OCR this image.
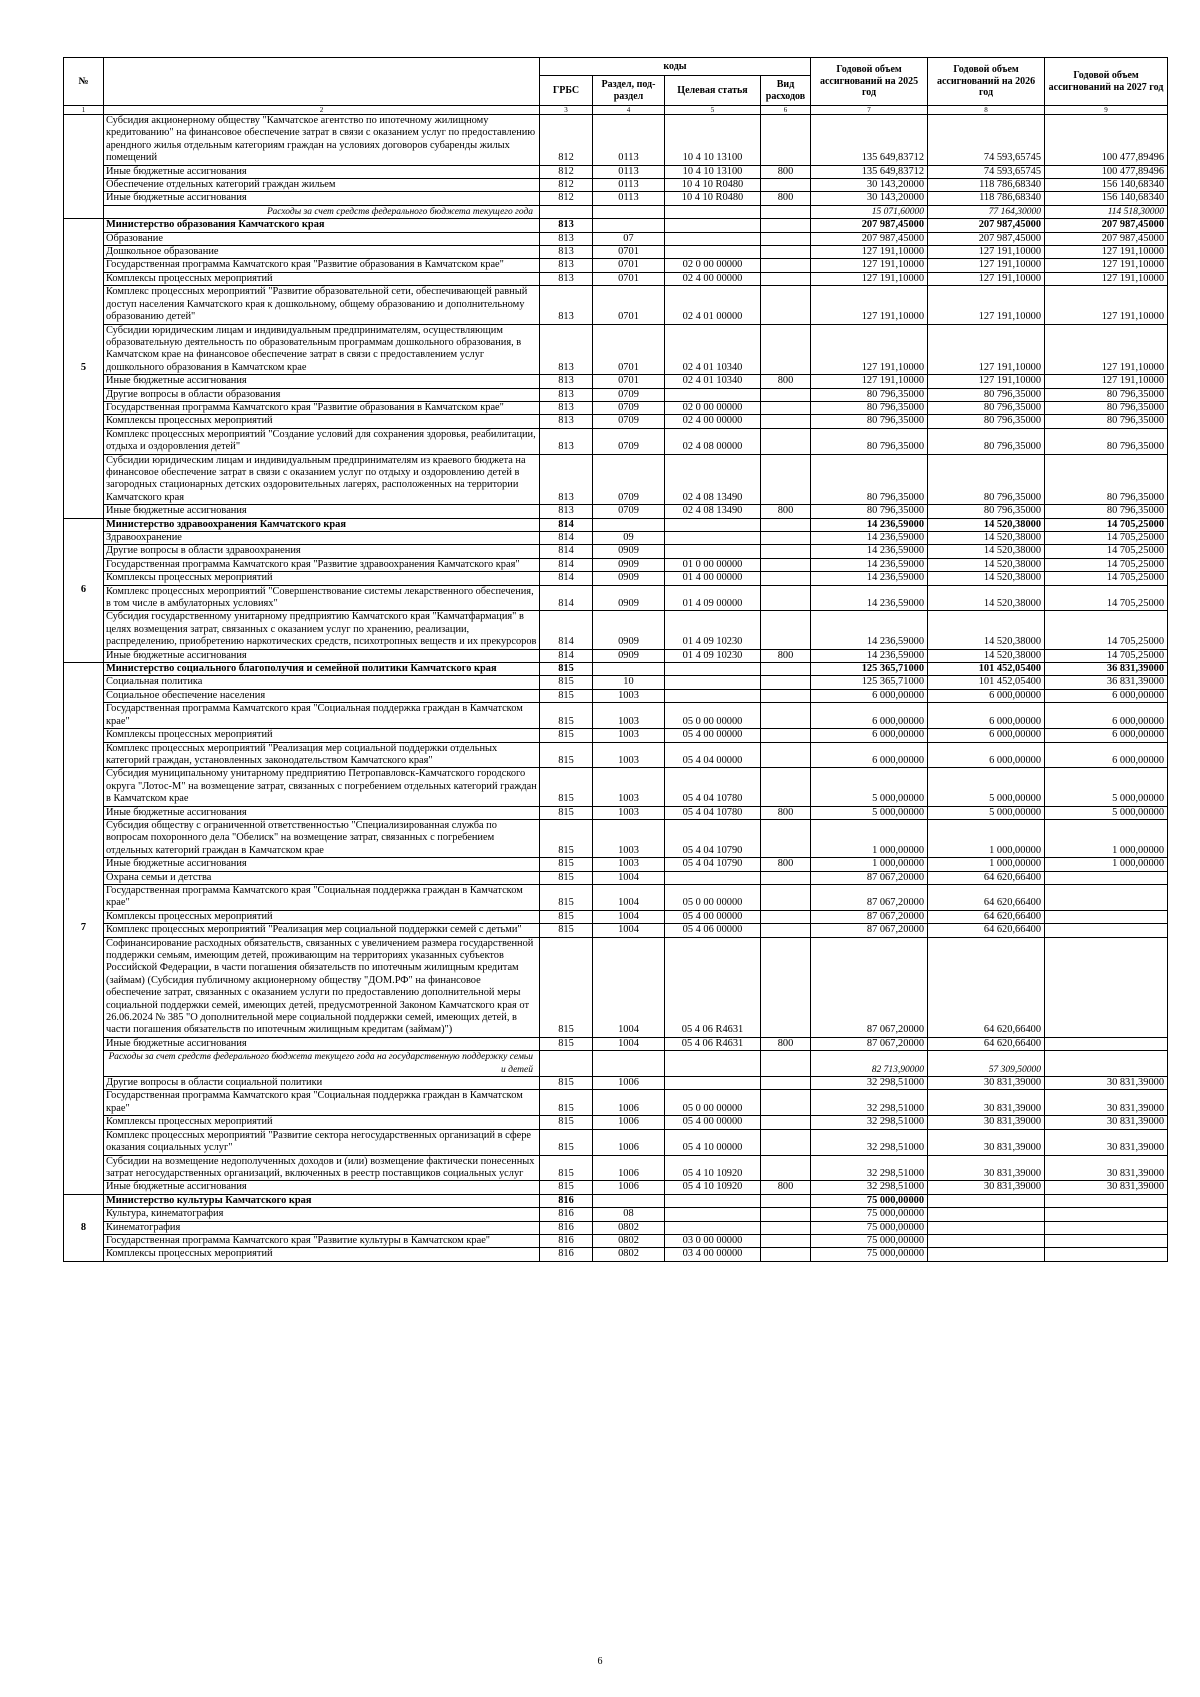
№		коды				Годовой объем ассигнований на 2025 год	Годовой объем ассигнований на 2026 год	Годовой объем ассигнований на 2027 год
		ГРБС	Раздел, под-раздел	Целевая статья	Вид расходов			
1	2	3	4	5	6	7	8	9
	Субсидия акционерному обществу "Камчатское агентство по ипотечному жилищному кредитованию" на финансовое обеспечение затрат в связи с оказанием услуг по предоставлению арендного жилья отдельным категориям граждан на условиях договоров субаренды жилых помещений	812	0113	10 4 10 13100		135 649,83712	74 593,65745	100 477,89496
	Иные бюджетные ассигнования	812	0113	10 4 10 13100	800	135 649,83712	74 593,65745	100 477,89496
	Обеспечение отдельных категорий граждан жильем	812	0113	10 4 10 R0480		30 143,20000	118 786,68340	156 140,68340
	Иные бюджетные ассигнования	812	0113	10 4 10 R0480	800	30 143,20000	118 786,68340	156 140,68340
	Расходы за счет средств федерального бюджета текущего года					15 071,60000	77 164,30000	114 518,30000
5	Министерство образования Камчатского края	813				207 987,45000	207 987,45000	207 987,45000
	Образование	813	07			207 987,45000	207 987,45000	207 987,45000
	Дошкольное образование	813	0701			127 191,10000	127 191,10000	127 191,10000
	Государственная программа Камчатского края "Развитие образования в Камчатском крае"	813	0701	02 0 00 00000		127 191,10000	127 191,10000	127 191,10000
	Комплексы процессных мероприятий	813	0701	02 4 00 00000		127 191,10000	127 191,10000	127 191,10000
	Комплекс процессных мероприятий "Развитие образовательной сети, обеспечивающей равный доступ населения Камчатского края к дошкольному, общему образованию и дополнительному образованию детей"	813	0701	02 4 01 00000		127 191,10000	127 191,10000	127 191,10000
	Субсидии юридическим лицам и индивидуальным предпринимателям, осуществляющим образовательную деятельность по образовательным программам дошкольного образования, в Камчатском крае на финансовое обеспечение затрат в связи с предоставлением услуг дошкольного образования в Камчатском крае	813	0701	02 4 01 10340		127 191,10000	127 191,10000	127 191,10000
	Иные бюджетные ассигнования	813	0701	02 4 01 10340	800	127 191,10000	127 191,10000	127 191,10000
	Другие вопросы в области образования	813	0709			80 796,35000	80 796,35000	80 796,35000
	Государственная программа Камчатского края "Развитие образования в Камчатском крае"	813	0709	02 0 00 00000		80 796,35000	80 796,35000	80 796,35000
	Комплексы процессных мероприятий	813	0709	02 4 00 00000		80 796,35000	80 796,35000	80 796,35000
	Комплекс процессных мероприятий "Создание условий для сохранения здоровья, реабилитации, отдыха и оздоровления детей"	813	0709	02 4 08 00000		80 796,35000	80 796,35000	80 796,35000
	Субсидии юридическим лицам и индивидуальным предпринимателям из краевого бюджета на финансовое обеспечение затрат в связи с оказанием услуг по отдыху и оздоровлению детей в загородных стационарных детских оздоровительных лагерях, расположенных на территории Камчатского края	813	0709	02 4 08 13490		80 796,35000	80 796,35000	80 796,35000
	Иные бюджетные ассигнования	813	0709	02 4 08 13490	800	80 796,35000	80 796,35000	80 796,35000
6	Министерство здравоохранения Камчатского края	814				14 236,59000	14 520,38000	14 705,25000
	Здравоохранение	814	09			14 236,59000	14 520,38000	14 705,25000
	Другие вопросы в области здравоохранения	814	0909			14 236,59000	14 520,38000	14 705,25000
	Государственная программа Камчатского края "Развитие здравоохранения Камчатского края"	814	0909	01 0 00 00000		14 236,59000	14 520,38000	14 705,25000
	Комплексы процессных мероприятий	814	0909	01 4 00 00000		14 236,59000	14 520,38000	14 705,25000
	Комплекс процессных мероприятий "Совершенствование системы лекарственного обеспечения, в том числе в амбулаторных условиях"	814	0909	01 4 09 00000		14 236,59000	14 520,38000	14 705,25000
	Субсидия государственному унитарному предприятию Камчатского края "Камчатфармация" в целях возмещения затрат, связанных с оказанием услуг по хранению, реализации, распределению, приобретению наркотических средств, психотропных веществ и их прекурсоров	814	0909	01 4 09 10230		14 236,59000	14 520,38000	14 705,25000
	Иные бюджетные ассигнования	814	0909	01 4 09 10230	800	14 236,59000	14 520,38000	14 705,25000
7	Министерство социального благополучия и семейной политики Камчатского края	815				125 365,71000	101 452,05400	36 831,39000
	Социальная политика	815	10			125 365,71000	101 452,05400	36 831,39000
	Социальное обеспечение населения	815	1003			6 000,00000	6 000,00000	6 000,00000
	Государственная программа Камчатского края "Социальная поддержка граждан в Камчатском крае"	815	1003	05 0 00 00000		6 000,00000	6 000,00000	6 000,00000
	Комплексы процессных мероприятий	815	1003	05 4 00 00000		6 000,00000	6 000,00000	6 000,00000
	Комплекс процессных мероприятий "Реализация мер социальной поддержки отдельных категорий граждан, установленных законодательством Камчатского края"	815	1003	05 4 04 00000		6 000,00000	6 000,00000	6 000,00000
	Субсидия муниципальному унитарному предприятию Петропавловск-Камчатского городского округа "Лотос-М" на возмещение затрат, связанных с погребением отдельных категорий граждан в Камчатском крае	815	1003	05 4 04 10780		5 000,00000	5 000,00000	5 000,00000
	Иные бюджетные ассигнования	815	1003	05 4 04 10780	800	5 000,00000	5 000,00000	5 000,00000
	Субсидия обществу с ограниченной ответственностью "Специализированная служба по вопросам похоронного дела "Обелиск" на возмещение затрат, связанных с погребением отдельных категорий граждан в Камчатском крае	815	1003	05 4 04 10790		1 000,00000	1 000,00000	1 000,00000
	Иные бюджетные ассигнования	815	1003	05 4 04 10790	800	1 000,00000	1 000,00000	1 000,00000
	Охрана семьи и детства	815	1004			87 067,20000	64 620,66400	
	Государственная программа Камчатского края "Социальная поддержка граждан в Камчатском крае"	815	1004	05 0 00 00000		87 067,20000	64 620,66400	
	Комплексы процессных мероприятий	815	1004	05 4 00 00000		87 067,20000	64 620,66400	
	Комплекс процессных мероприятий "Реализация мер социальной поддержки семей с детьми"	815	1004	05 4 06 00000		87 067,20000	64 620,66400	
	Софинансирование расходных обязательств, связанных с увеличением размера государственной поддержки семьям, имеющим детей, проживающим на территориях указанных субъектов Российской Федерации, в части погашения обязательств по ипотечным жилищным кредитам (займам) (Субсидия публичному акционерному обществу "ДОМ.РФ" на финансовое обеспечение затрат, связанных с оказанием услуги по предоставлению дополнительной меры социальной поддержки семей, имеющих детей, предусмотренной Законом Камчатского края от 26.06.2024 № 385 "О дополнительной мере социальной поддержки семей, имеющих детей, в части погашения обязательств по ипотечным жилищным кредитам (займам)")	815	1004	05 4 06 R4631		87 067,20000	64 620,66400	
	Иные бюджетные ассигнования	815	1004	05 4 06 R4631	800	87 067,20000	64 620,66400	
	Расходы за счет средств федерального бюджета текущего года на государственную поддержку семьи и детей					82 713,90000	57 309,50000	
	Другие вопросы в области социальной политики	815	1006			32 298,51000	30 831,39000	30 831,39000
	Государственная программа Камчатского края "Социальная поддержка граждан в Камчатском крае"	815	1006	05 0 00 00000		32 298,51000	30 831,39000	30 831,39000
	Комплексы процессных мероприятий	815	1006	05 4 00 00000		32 298,51000	30 831,39000	30 831,39000
	Комплекс процессных мероприятий "Развитие сектора негосударственных организаций в сфере оказания социальных услуг"	815	1006	05 4 10 00000		32 298,51000	30 831,39000	30 831,39000
	Субсидии на возмещение недополученных доходов и (или) возмещение фактически понесенных затрат негосударственных организаций, включенных в реестр поставщиков социальных услуг	815	1006	05 4 10 10920		32 298,51000	30 831,39000	30 831,39000
	Иные бюджетные ассигнования	815	1006	05 4 10 10920	800	32 298,51000	30 831,39000	30 831,39000
8	Министерство культуры Камчатского края	816				75 000,00000		
	Культура, кинематография	816	08			75 000,00000		
	Кинематография	816	0802			75 000,00000		
	Государственная программа Камчатского края "Развитие культуры в Камчатском крае"	816	0802	03 0 00 00000		75 000,00000		
	Комплексы процессных мероприятий	816	0802	03 4 00 00000		75 000,00000		
6
